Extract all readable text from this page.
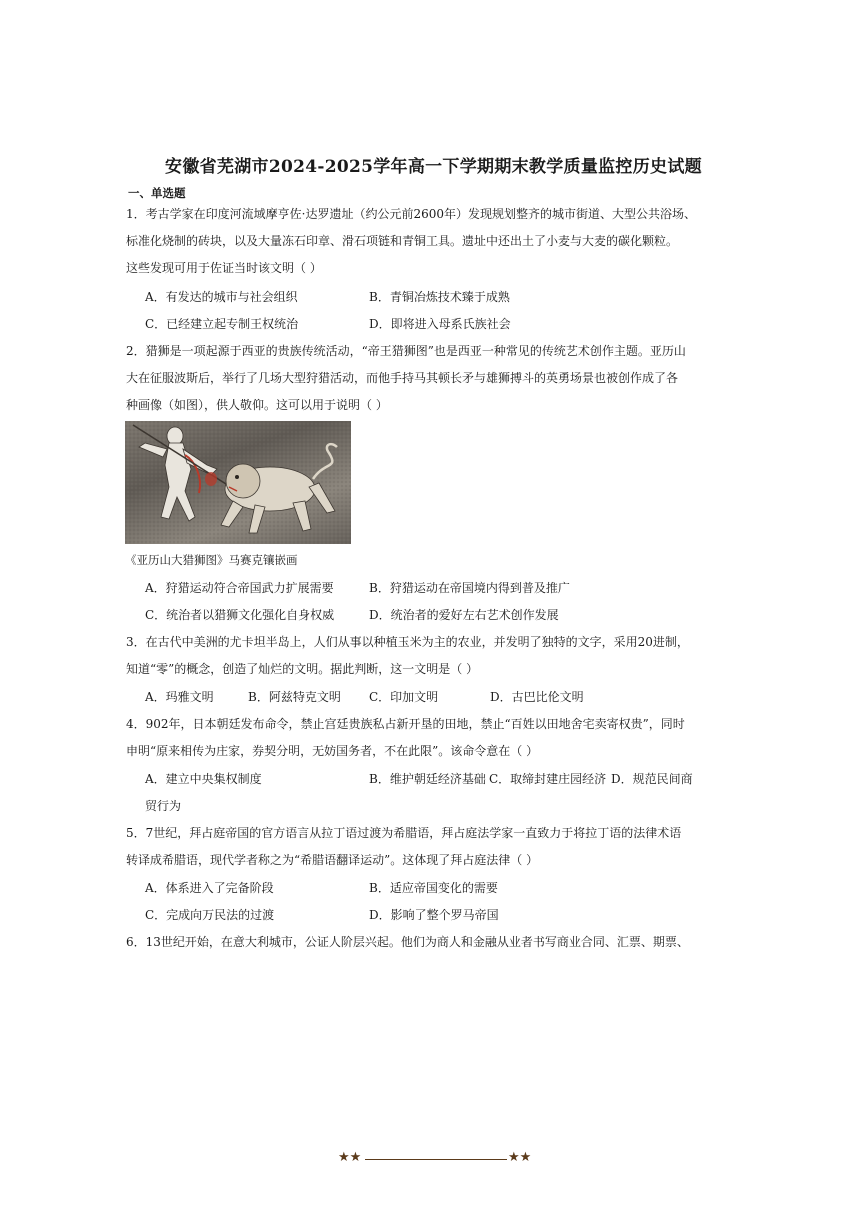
安徽省芜湖市2024-2025学年高一下学期期末教学质量监控历史试题
一、单选题
1．考古学家在印度河流域摩亨佐·达罗遗址（约公元前2600年）发现规划整齐的城市街道、大型公共浴场、
标准化烧制的砖块，以及大量冻石印章、滑石项链和青铜工具。遗址中还出土了小麦与大麦的碳化颗粒。
这些发现可用于佐证当时该文明（ ）
A．有发达的城市与社会组织	B．青铜冶炼技术臻于成熟
C．已经建立起专制王权统治	D．即将进入母系氏族社会
2．猎狮是一项起源于西亚的贵族传统活动，“帝王猎狮图”也是西亚一种常见的传统艺术创作主题。亚历山
大在征服波斯后，举行了几场大型狩猎活动，而他手持马其顿长矛与雄狮搏斗的英勇场景也被创作成了各
种画像（如图），供人敬仰。这可以用于说明（ ）
《亚历山大猎狮图》马赛克镶嵌画
A．狩猎运动符合帝国武力扩展需要	B．狩猎运动在帝国境内得到普及推广
C．统治者以猎狮文化强化自身权威	D．统治者的爱好左右艺术创作发展
3．在古代中美洲的尤卡坦半岛上，人们从事以种植玉米为主的农业，并发明了独特的文字，采用20进制，
知道“零”的概念，创造了灿烂的文明。据此判断，这一文明是（ ）
A．玛雅文明	B．阿兹特克文明 C．印加文明	D．古巴比伦文明
4．902年，日本朝廷发布命令，禁止宫廷贵族私占新开垦的田地，禁止“百姓以田地舍宅卖寄权贵”，同时
申明“原来相传为庄家，券契分明，无妨国务者，不在此限”。该命令意在（ ）
A．建立中央集权制度	B．维护朝廷经济基础 C．取缔封建庄园经济 D．规范民间商
贸行为
5．7世纪，拜占庭帝国的官方语言从拉丁语过渡为希腊语，拜占庭法学家一直致力于将拉丁语的法律术语
转译成希腊语，现代学者称之为“希腊语翻译运动”。这体现了拜占庭法律（ ）
A．体系进入了完备阶段	B．适应帝国变化的需要
C．完成向万民法的过渡	D．影响了整个罗马帝国
6．13世纪开始，在意大利城市，公证人阶层兴起。他们为商人和金融从业者书写商业合同、汇票、期票、
★★	★★
